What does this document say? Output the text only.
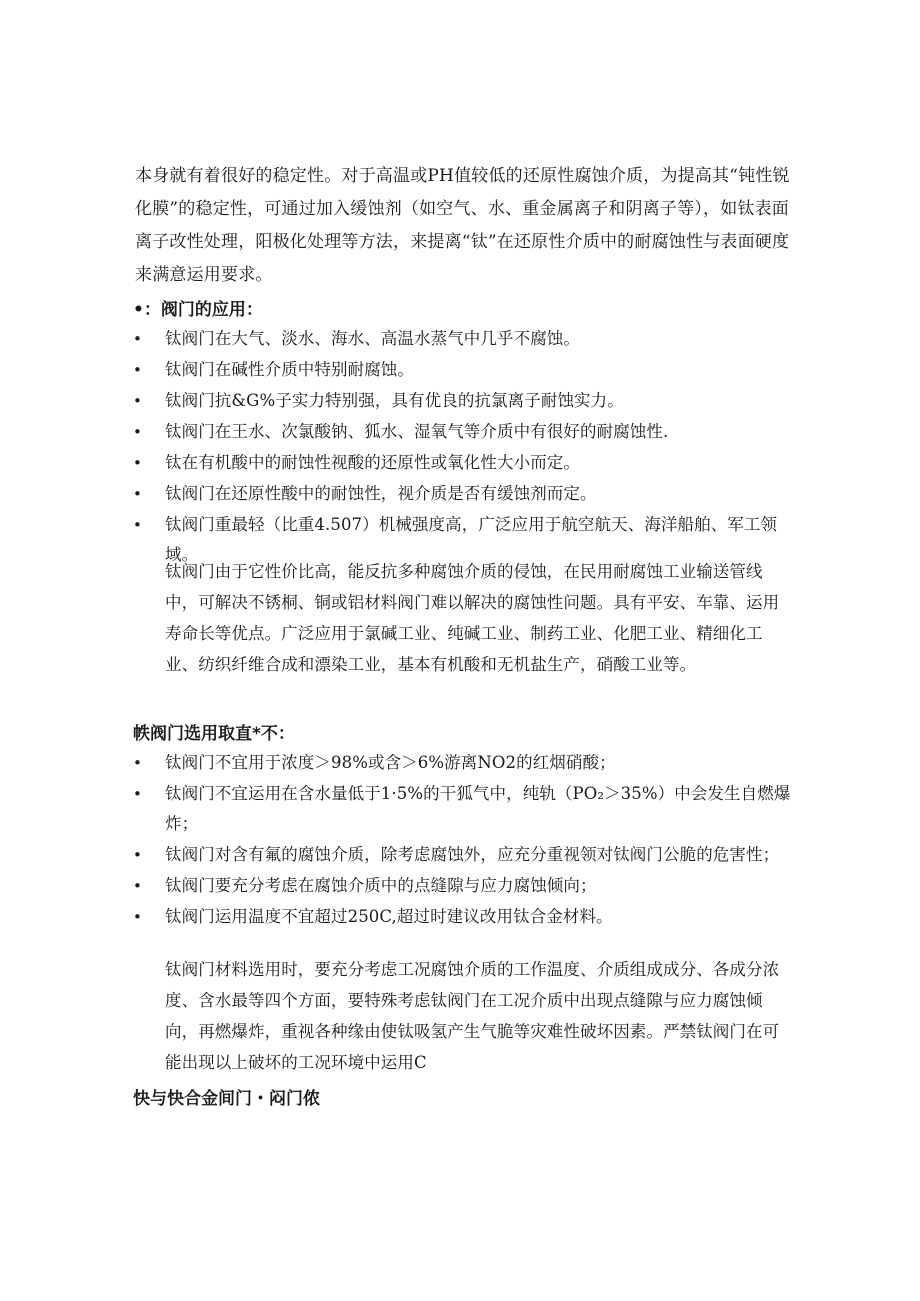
本身就有着很好的稳定性。对于高温或PH值较低的还原性腐蚀介质，为提高其“钝性锐化膜”的稳定性，可通过加入缓蚀剂（如空气、水、重金属离子和阴离子等），如钛表面离子改性处理，阳极化处理等方法，来提离“钛”在还原性介质中的耐腐蚀性与表面硬度来满意运用要求。

•：阀门的应用：
• 钛阀门在大气、淡水、海水、高温水蒸气中几乎不腐蚀。
• 钛阀门在碱性介质中特别耐腐蚀。
• 钛阀门抗&G%子实力特别强，具有优良的抗氯离子耐蚀实力。
• 钛阀门在王水、次氯酸钠、狐水、湿氧气等介质中有很好的耐腐蚀性.
• 钛在有机酸中的耐蚀性视酸的还原性或氧化性大小而定。
• 钛阀门在还原性酸中的耐蚀性，视介质是否有缓蚀剂而定。
• 钛阀门重最轻（比重4.507）机械强度高，广泛应用于航空航天、海洋船舶、军工领域。

钛阀门由于它性价比高，能反抗多种腐蚀介质的侵蚀，在民用耐腐蚀工业输送管线中，可解决不锈桐、铜或铝材料阀门难以解决的腐蚀性问题。具有平安、车靠、运用寿命长等优点。广泛应用于氯碱工业、纯碱工业、制药工业、化肥工业、精细化工业、纺织纤维合成和漂染工业，基本有机酸和无机盐生产，硝酸工业等。

帙阀门选用取直*不：
• 钛阀门不宜用于浓度＞98%或含＞6%游离NO2的红烟硝酸；
• 钛阀门不宜运用在含水量低于1·5%的干狐气中，纯轨（PO₂＞35%）中会发生自燃爆炸；
• 钛阀门对含有氟的腐蚀介质，除考虑腐蚀外，应充分重视领对钛阀门公脆的危害性；
• 钛阀门要充分考虑在腐蚀介质中的点缝隙与应力腐蚀倾向；
• 钛阀门运用温度不宜超过250C,超过时建议改用钛合金材料。

钛阀门材料选用时，要充分考虑工况腐蚀介质的工作温度、介质组成成分、各成分浓度、含水最等四个方面，要特殊考虑钛阀门在工况介质中出现点缝隙与应力腐蚀倾向，再燃爆炸，重视各种缘由使钛吸氢产生气脆等灾难性破坏因素。严禁钛阀门在可能出现以上破坏的工况环境中运用C

快与快合金间门・闷门侬
